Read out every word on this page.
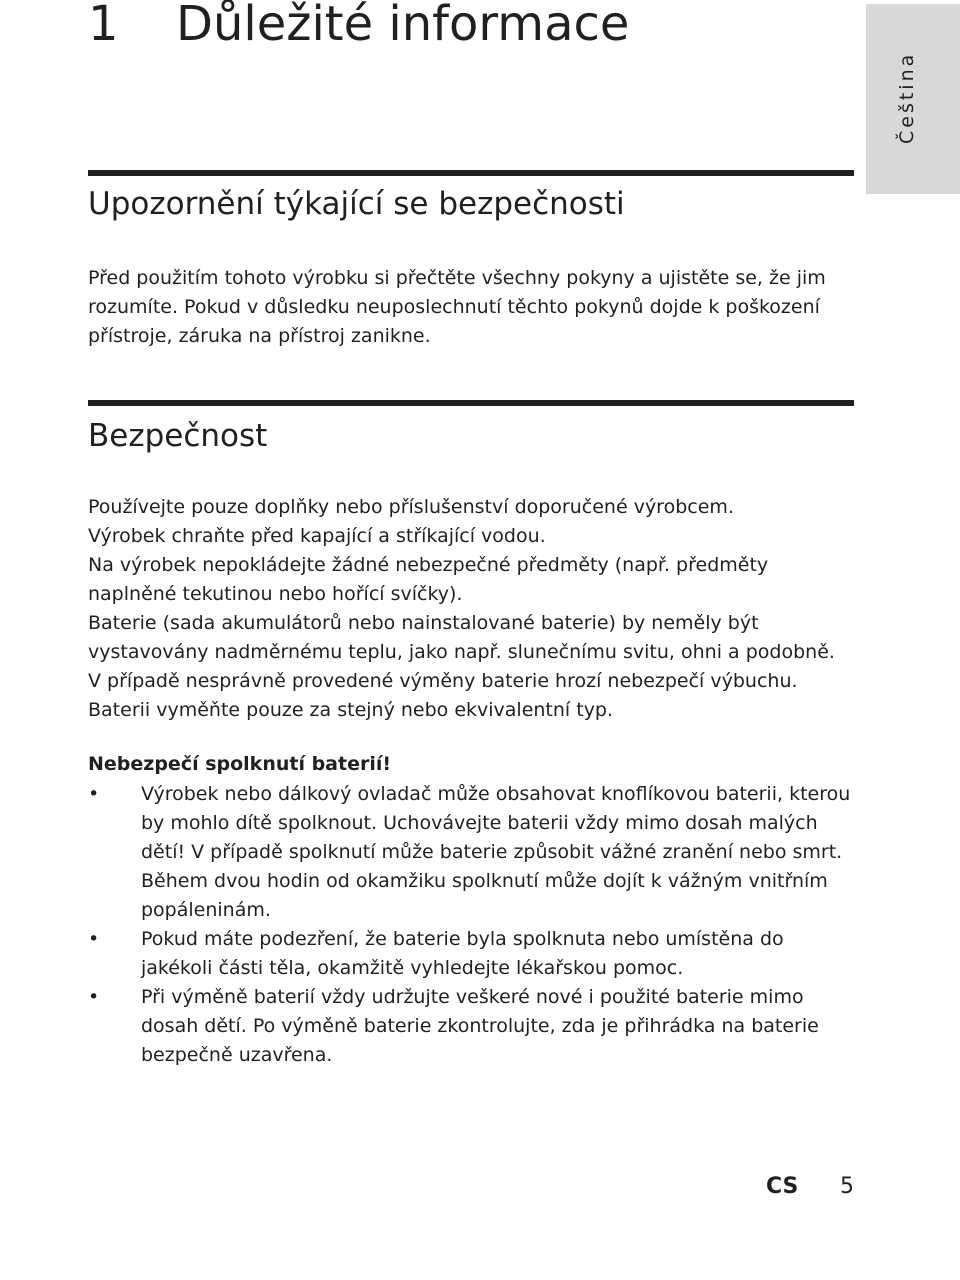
1	Důležité informace
Čeština
Upozornění týkající se bezpečnosti

Před použitím tohoto výrobku si přečtěte všechny pokyny a ujistěte se, že jim rozumíte. Pokud v důsledku neuposlechnutí těchto pokynů dojde k poškození přístroje, záruka na přístroj zanikne.

Bezpečnost
Používejte pouze doplňky nebo příslušenství doporučené výrobcem.
Výrobek chraňte před kapající a stříkající vodou.
Na výrobek nepokládejte žádné nebezpečné předměty (např. předměty naplněné tekutinou nebo hořící svíčky).
Baterie (sada akumulátorů nebo nainstalované baterie) by neměly být vystavovány nadměrnému teplu, jako např. slunečnímu svitu, ohni a podobně.
V případě nesprávně provedené výměny baterie hrozí nebezpečí výbuchu. Baterii vyměňte pouze za stejný nebo ekvivalentní typ.
Nebezpečí spolknutí baterií!
• Výrobek nebo dálkový ovladač může obsahovat knoflíkovou baterii, kterou by mohlo dítě spolknout. Uchovávejte baterii vždy mimo dosah malých dětí! V případě spolknutí může baterie způsobit vážné zranění nebo smrt. Během dvou hodin od okamžiku spolknutí může dojít k vážným vnitřním popáleninám.
• Pokud máte podezření, že baterie byla spolknuta nebo umístěna do jakékoli části těla, okamžitě vyhledejte lékařskou pomoc.
• Při výměně baterií vždy udržujte veškeré nové i použité baterie mimo dosah dětí. Po výměně baterie zkontrolujte, zda je přihrádka na baterie bezpečně uzavřena.
CS 5
